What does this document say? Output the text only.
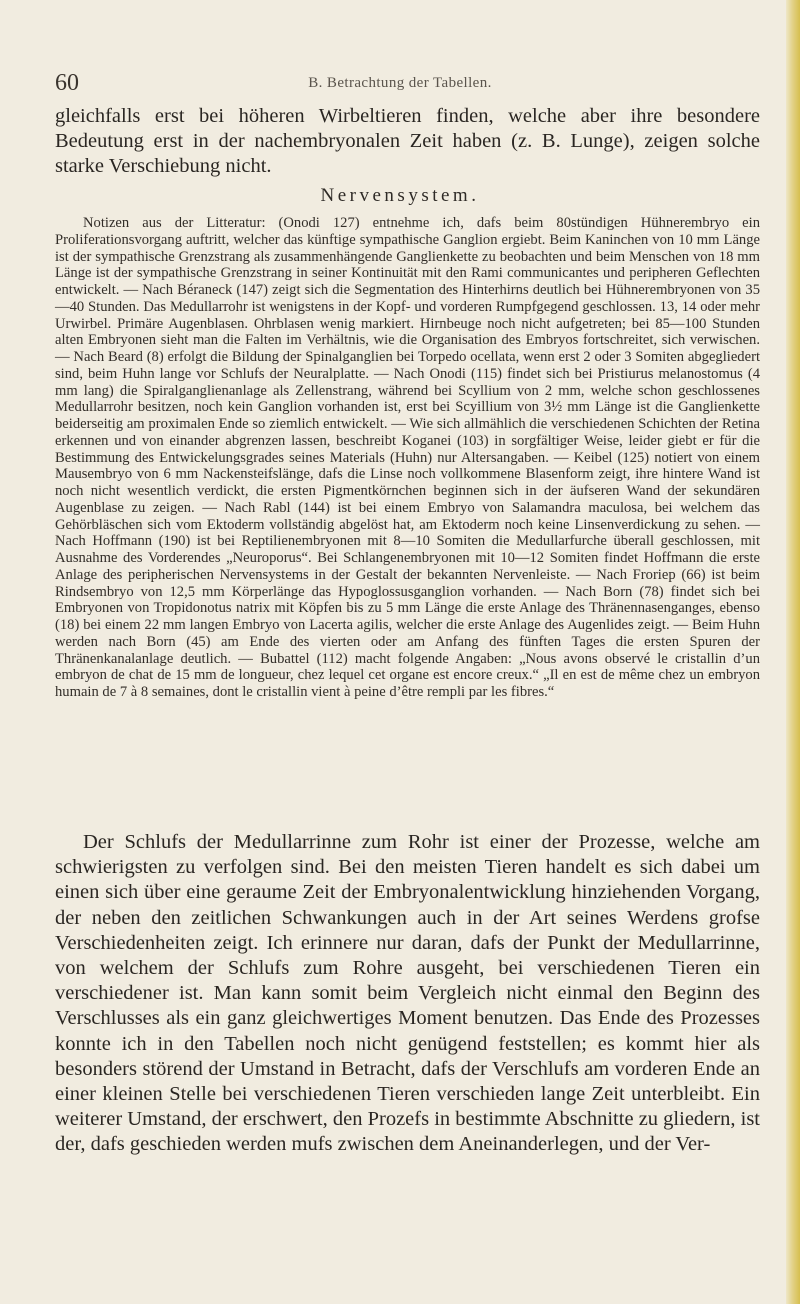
60	B. Betrachtung der Tabellen.

gleichfalls erst bei höheren Wirbeltieren finden, welche aber ihre besondere Bedeutung erst in der nachembryonalen Zeit haben (z. B. Lunge), zeigen solche starke Verschiebung nicht.

Nervensystem.

Notizen aus der Litteratur: (Onodi 127) entnehme ich, dafs beim 80stündigen Hühnerembryo ein Proliferationsvorgang auftritt, welcher das künftige sympathische Ganglion ergiebt. Beim Kaninchen von 10 mm Länge ist der sympathische Grenzstrang als zusammenhängende Ganglienkette zu beobachten und beim Menschen von 18 mm Länge ist der sympathische Grenzstrang in seiner Kontinuität mit den Rami communicantes und peripheren Geflechten entwickelt. — Nach Béraneck (147) zeigt sich die Segmentation des Hinterhirns deutlich bei Hühnerembryonen von 35—40 Stunden. Das Medullarrohr ist wenigstens in der Kopf- und vorderen Rumpfgegend geschlossen. 13, 14 oder mehr Urwirbel. Primäre Augenblasen. Ohrblasen wenig markiert. Hirnbeuge noch nicht aufgetreten; bei 85—100 Stunden alten Embryonen sieht man die Falten im Verhältnis, wie die Organisation des Embryos fortschreitet, sich verwischen. — Nach Beard (8) erfolgt die Bildung der Spinalganglien bei Torpedo ocellata, wenn erst 2 oder 3 Somiten abgegliedert sind, beim Huhn lange vor Schlufs der Neuralplatte. — Nach Onodi (115) findet sich bei Pristiurus melanostomus (4 mm lang) die Spiralganglienanlage als Zellenstrang, während bei Scyllium von 2 mm, welche schon geschlossenes Medullarrohr besitzen, noch kein Ganglion vorhanden ist, erst bei Scyillium von 3½ mm Länge ist die Ganglienkette beiderseitig am proximalen Ende so ziemlich entwickelt. — Wie sich allmählich die verschiedenen Schichten der Retina erkennen und von einander abgrenzen lassen, beschreibt Koganei (103) in sorgfältiger Weise, leider giebt er für die Bestimmung des Entwickelungsgrades seines Materials (Huhn) nur Altersangaben. — Keibel (125) notiert von einem Mausembryo von 6 mm Nackensteifslänge, dafs die Linse noch vollkommene Blasenform zeigt, ihre hintere Wand ist noch nicht wesentlich verdickt, die ersten Pigmentkörnchen beginnen sich in der äufseren Wand der sekundären Augenblase zu zeigen. — Nach Rabl (144) ist bei einem Embryo von Salamandra maculosa, bei welchem das Gehörbläschen sich vom Ektoderm vollständig abgelöst hat, am Ektoderm noch keine Linsenverdickung zu sehen. — Nach Hoffmann (190) ist bei Reptilienembryonen mit 8—10 Somiten die Medullarfurche überall geschlossen, mit Ausnahme des Vorderendes „Neuroporus“. Bei Schlangenembryonen mit 10—12 Somiten findet Hoffmann die erste Anlage des peripherischen Nervensystems in der Gestalt der bekannten Nervenleiste. — Nach Froriep (66) ist beim Rindsembryo von 12,5 mm Körperlänge das Hypoglossusganglion vorhanden. — Nach Born (78) findet sich bei Embryonen von Tropidonotus natrix mit Köpfen bis zu 5 mm Länge die erste Anlage des Thränennasenganges, ebenso (18) bei einem 22 mm langen Embryo von Lacerta agilis, welcher die erste Anlage des Augenlides zeigt. — Beim Huhn werden nach Born (45) am Ende des vierten oder am Anfang des fünften Tages die ersten Spuren der Thränenkanalanlage deutlich. — Bubattel (112) macht folgende Angaben: „Nous avons observé le cristallin d’un embryon de chat de 15 mm de longueur, chez lequel cet organe est encore creux.“ „Il en est de même chez un embryon humain de 7 à 8 semaines, dont le cristallin vient à peine d’être rempli par les fibres.“

Der Schlufs der Medullarrinne zum Rohr ist einer der Prozesse, welche am schwierigsten zu verfolgen sind. Bei den meisten Tieren handelt es sich dabei um einen sich über eine geraume Zeit der Embryonalentwicklung hinziehenden Vorgang, der neben den zeitlichen Schwankungen auch in der Art seines Werdens grofse Verschiedenheiten zeigt. Ich erinnere nur daran, dafs der Punkt der Medullarrinne, von welchem der Schlufs zum Rohre ausgeht, bei verschiedenen Tieren ein verschiedener ist. Man kann somit beim Vergleich nicht einmal den Beginn des Verschlusses als ein ganz gleichwertiges Moment benutzen. Das Ende des Prozesses konnte ich in den Tabellen noch nicht genügend feststellen; es kommt hier als besonders störend der Umstand in Betracht, dafs der Verschlufs am vorderen Ende an einer kleinen Stelle bei verschiedenen Tieren verschieden lange Zeit unterbleibt. Ein weiterer Umstand, der erschwert, den Prozefs in bestimmte Abschnitte zu gliedern, ist der, dafs geschieden werden mufs zwischen dem Aneinanderlegen, und der Ver-
